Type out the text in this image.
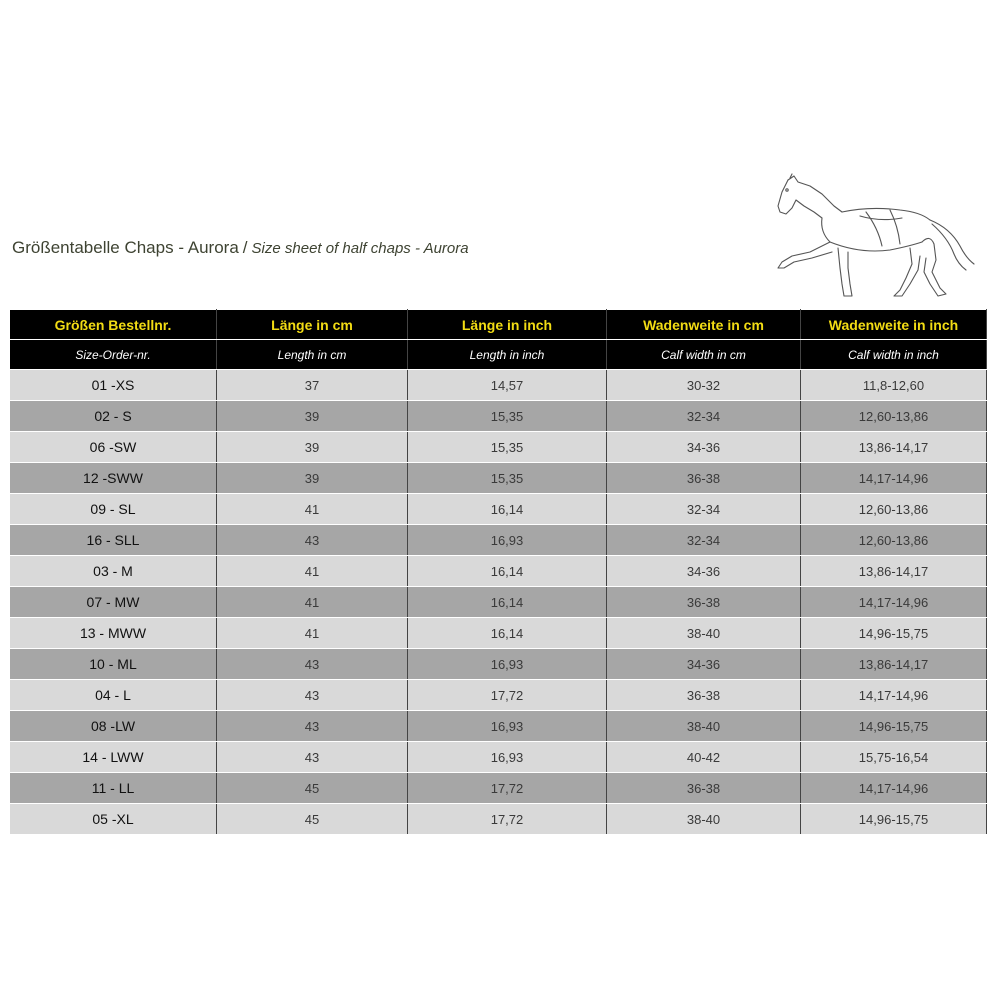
Größentabelle Chaps - Aurora / Size sheet of half chaps - Aurora
Größen Bestellnr.	Länge in cm	Länge in inch	Wadenweite in cm	Wadenweite in inch
Size-Order-nr.	Length in cm	Length in inch	Calf width in cm	Calf width in inch
01 -XS	37	14,57	30-32	11,8-12,60
02 - S	39	15,35	32-34	12,60-13,86
06 -SW	39	15,35	34-36	13,86-14,17
12 -SWW	39	15,35	36-38	14,17-14,96
09 - SL	41	16,14	32-34	12,60-13,86
16 - SLL	43	16,93	32-34	12,60-13,86
03 - M	41	16,14	34-36	13,86-14,17
07 - MW	41	16,14	36-38	14,17-14,96
13 - MWW	41	16,14	38-40	14,96-15,75
10 - ML	43	16,93	34-36	13,86-14,17
04 - L	43	17,72	36-38	14,17-14,96
08 -LW	43	16,93	38-40	14,96-15,75
14 - LWW	43	16,93	40-42	15,75-16,54
11 - LL	45	17,72	36-38	14,17-14,96
05 -XL	45	17,72	38-40	14,96-15,75
